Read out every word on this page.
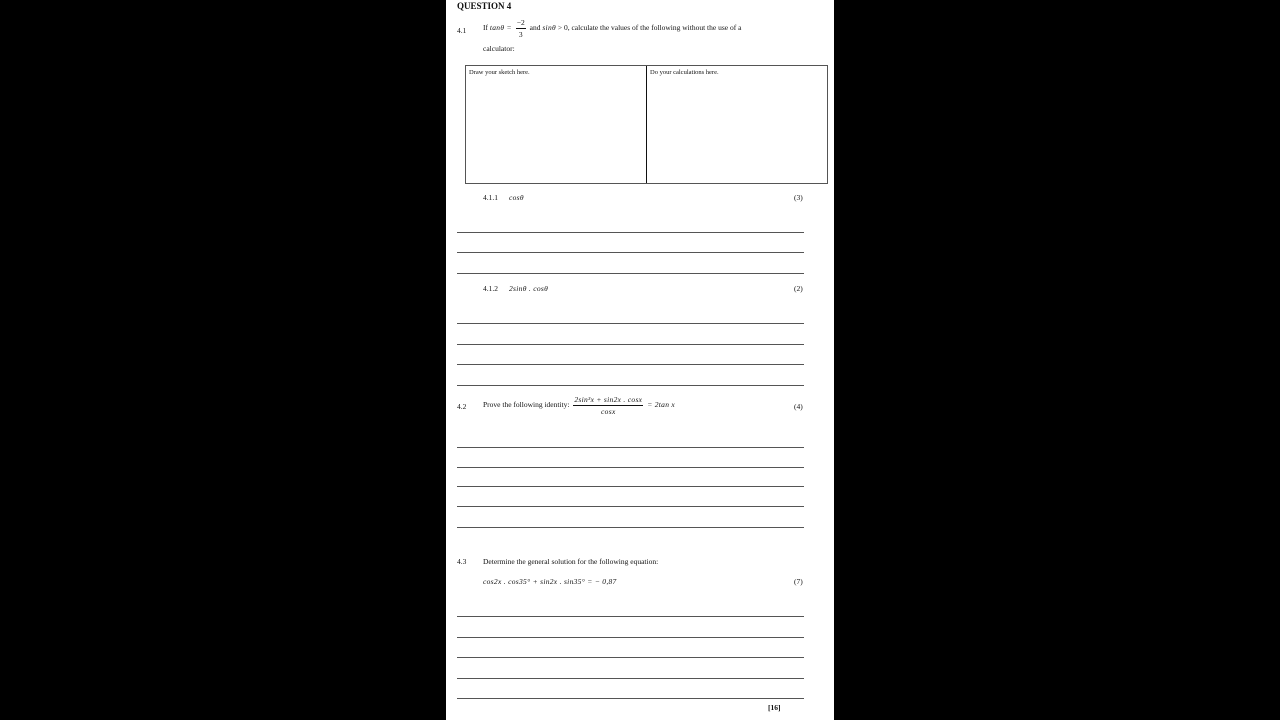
QUESTION 4
4.1 If $\tan\theta = \frac{-2}{3}$ and sinθ > 0, calculate the values of the following without the use of a
calculator:
Draw your sketch here.	Do your calculations here.
4.1.1 cosθ	(3)
4.1.2 2sinθ . cosθ	(2)
4.2 Prove the following identity: $\frac{\text{2sin³x + sin2x . cosx}}{\cos x} = 2\tan$ x	(4)
4.3 Determine the general solution for the following equation:
cos2x . cos35° + sin2x . sin35° = − 0,87	(7)
[16]
